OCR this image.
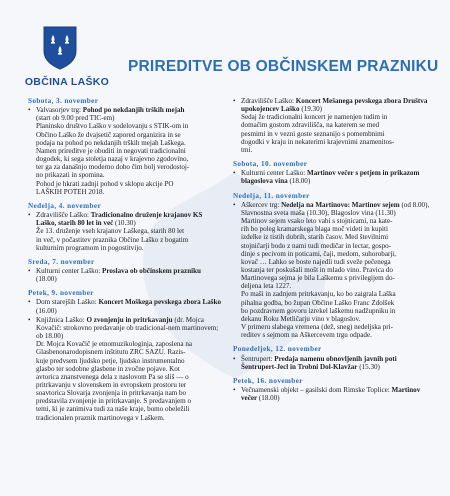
OBČINA LAŠKO
PRIREDITVE OB OBČINSKEM PRAZNIKU
Sobota, 3. november
• Valvasorjev trg: Pohod po nekdanjih trških mejah
(start ob 9.00 pred TIC-em)
Planinsko društvo Laško v sodelovanju s STIK-om in
Občino Laško že dvajsetič zapored organizira in se
podaja na pohod po nekdanjih trških mejah Laškega.
Namen prireditve je obuditi in negovati tradicionalni
dogodek, ki sega stoletja nazaj v krajevno zgodovino,
ter ga za današnjo moderno dobo čim bolj verodostoj-
no prikazati in spomina.
Pohod je hkrati zadnji pohod v sklopu akcije PO
LAŠKIH POTEH 2018.
Nedelja, 4. november
• Zdravilišče Laško: Tradicionalno druženje krajanov KS Laško, starih 80 let in več (10.30)
Že 13. druženje vseh krajanov Laškega, starih 80 let
in več, v počastitev praznika Občine Laško z bogatim
kulturnim programom in pogostitvijo.
Sreda, 7. november
• Kulturni center Laško: Proslava ob občinskem prazniku (18.00)
Petek, 9. november
• Dom starejših Laško: Koncert Moškega pevskega zbora Laško (16.00)
• Knjižnica Laško: O zvonjenju in pritrkavanju (dr. Mojca Kovačič: strokovno predavanje ob tradicional-nem martinovem; ob 18.00)
Dr. Mojca Kovačič je etnomuzikologinja, zaposlena na
Glasbenonarodopisnem inštitutu ZRC SAZU. Razis-
kuje predvsem ljudsko petje, ljudsko instrumentalno
glasbo ter sodobne glasbene in zvočne pojave. Kot
avtorica znanstvenega dela z naslovom Pa se sliš — o
pritrkavanju v slovenskem in evropskem prostoru ter
soavtorica Slovarja zvonjenja in pritrkavanja nam bo
predstavila zvonjenje in pritrkavanje. S predavanjem o
temi, ki je zanimiva tudi za naše kraje, bomo obeležili
tradicionalen praznik martinovega v Laškem.
• Zdravilišče Laško: Koncert Mešanega pevskega zbora Društva upokojencev Laško (19.30)
Sedaj že tradicionalni koncert je namenjen tudim in
domačim gostom zdravilišča, na katerem se med
pesmimi in v vezni goste seznanijo s pomembnimi
dogodki v kraju in nekaterimi krajevnimi znamenitos-
tmi.
Sobota, 10. november
• Kulturni center Laško: Martinov večer s petjem in prikazom blagoslova vina (18.00)
Nedelja, 11. november
• Aškercev trg: Nedelja na Martinovo: Martinov sejem (od 8.00), Slavnostna sveta maša (10.30), Blagoslov vina (11.30)
Martinov sejem vsako leto vabi s stojnicami, na kate-
rih bo poleg kramarskega blaga moč videti in kupiti
izdelke iz tistih dobrih, starih časov. Med številnimi
stojničarji bodo z nami tudi medičar in lectar, gospo-
dinje s pecivom in poticami, čaji, medom, suhorobarji,
kovač … Lahko se boste najedli tudi sveže pečenega
kostanja ter poskušali mošt in mlado vino. Pravica do
Martinovega sejma je bila Laškemu s privilegijem do-
deljena leta 1227.
Po maši in zadnjem pritrkavanju, ko bo zaigrala Laška
pihalna godba, bo župan Občine Laško Franc Zdolšek
bo pozdravnem govoru izrekel laškemu nadžupniku in
dekanu Roku Metličarju vino v blagoslov.
V primeru slabega vremena (dež, sneg) nedeljska pri-
reditev s sejmom na Aškercevem trgu odpade.
Ponedeljek, 12. november
• Šentrupert: Predaja namenu obnovljenih javnih poti Šentrupert-Jecl in Trobni Dol-Klavžar (15.30)
Petek, 16. november
• Večnamenski objekt – gasilski dom Rimske Toplice: Martinov večer (18.00)
